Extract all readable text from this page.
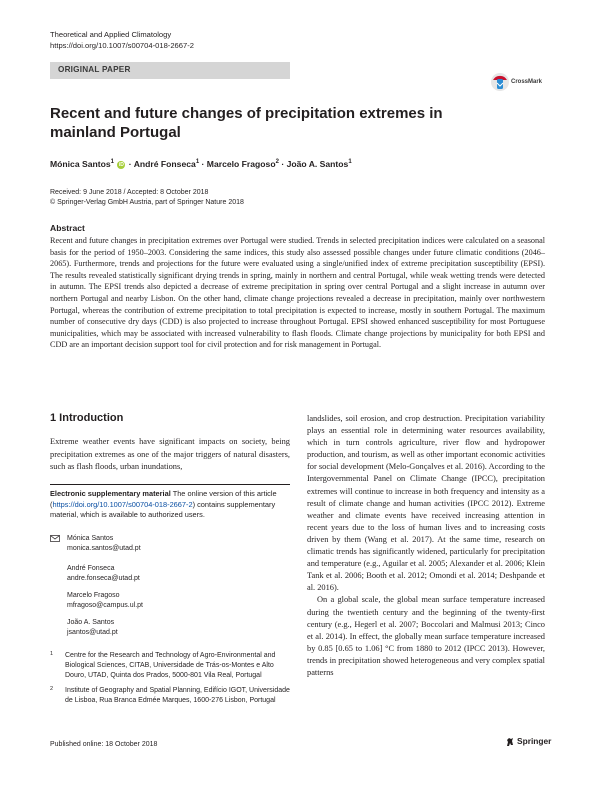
Theoretical and Applied Climatology
https://doi.org/10.1007/s00704-018-2667-2
ORIGINAL PAPER
CrossMark
Recent and future changes of precipitation extremes in mainland Portugal
Mónica Santos$^1$ iD · André Fonseca$^1$ · Marcelo Fragoso$^2$ · João A. Santos$^1$
Received: 9 June 2018 / Accepted: 8 October 2018
© Springer-Verlag GmbH Austria, part of Springer Nature 2018
Abstract
Recent and future changes in precipitation extremes over Portugal were studied. Trends in selected precipitation indices were calculated on a seasonal basis for the period of 1950–2003. Considering the same indices, this study also assessed possible changes under future climatic conditions (2046–2065). Furthermore, trends and projections for the future were evaluated using a single/unified index of extreme precipitation susceptibility (EPSI). The results revealed statistically significant drying trends in spring, mainly in northern and central Portugal, while weak wetting trends were detected in autumn. The EPSI trends also depicted a decrease of extreme precipitation in spring over central Portugal and a slight increase in autumn over northern Portugal and nearby Lisbon. On the other hand, climate change projections revealed a decrease in precipitation, mainly over northwestern Portugal, whereas the contribution of extreme precipitation to total precipitation is expected to increase, mostly in southern Portugal. The maximum number of consecutive dry days (CDD) is also projected to increase throughout Portugal. EPSI showed enhanced susceptibility for most Portuguese municipalities, which may be associated with increased vulnerability to flash floods. Climate change projections by municipality for both EPSI and CDD are an important decision support tool for civil protection and for risk management in Portugal.
1 Introduction
Extreme weather events have significant impacts on society, being precipitation extremes as one of the major triggers of natural disasters, such as flash floods, urban inundations,
Electronic supplementary material The online version of this article (https://doi.org/10.1007/s00704-018-2667-2) contains supplementary material, which is available to authorized users.
Mónica Santos
monica.santos@utad.pt
André Fonseca
andre.fonseca@utad.pt
Marcelo Fragoso
mfragoso@campus.ul.pt
João A. Santos
jsantos@utad.pt
1 Centre for the Research and Technology of Agro-Environmental and Biological Sciences, CITAB, Universidade de Trás-os-Montes e Alto Douro, UTAD, Quinta dos Prados, 5000-801 Vila Real, Portugal
2 Institute of Geography and Spatial Planning, Edifício IGOT, Universidade de Lisboa, Rua Branca Edmée Marques, 1600-276 Lisbon, Portugal

landslides, soil erosion, and crop destruction. Precipitation variability plays an essential role in determining water resources availability, which in turn controls agriculture, river flow and hydropower production, and tourism, as well as other important economic activities for social development (Melo-Gonçalves et al. 2016). According to the Intergovernmental Panel on Climate Change (IPCC), precipitation extremes will continue to increase in both frequency and intensity as a result of climate change and human activities (IPCC 2012). Extreme weather and climate events have received increasing attention in recent years due to the loss of human lives and to increasing costs driven by them (Wang et al. 2017). At the same time, research on climatic trends has significantly widened, particularly for precipitation and temperature (e.g., Aguilar et al. 2005; Alexander et al. 2006; Klein Tank et al. 2006; Booth et al. 2012; Omondi et al. 2014; Deshpande et al. 2016).

On a global scale, the global mean surface temperature increased during the twentieth century and the beginning of the twenty-first century (e.g., Hegerl et al. 2007; Boccolari and Malmusi 2013; Cinco et al. 2014). In effect, the globally mean surface temperature increased by 0.85 [0.65 to 1.06] °C from 1880 to 2012 (IPCC 2013). However, trends in precipitation showed heterogeneous and very complex spatial patterns

Published online: 18 October 2018	Springer
